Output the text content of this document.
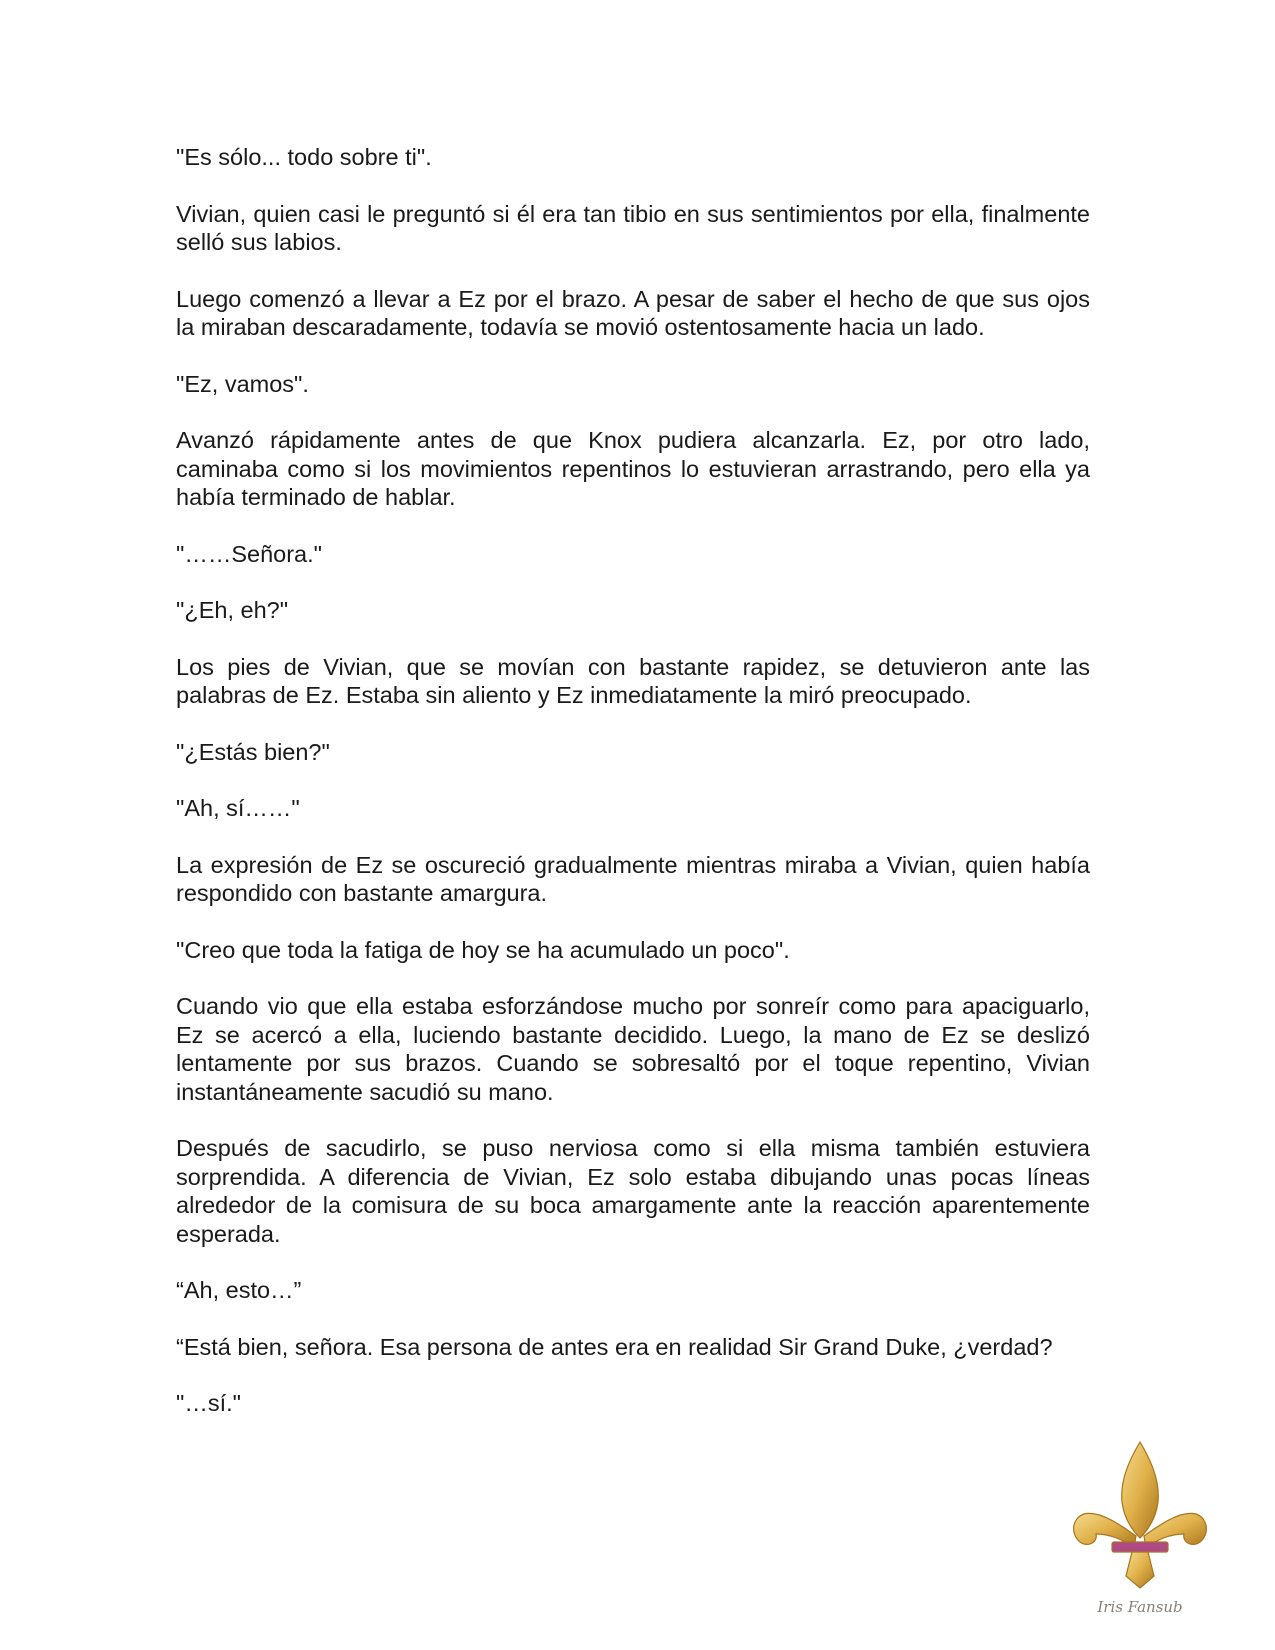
"Es sólo... todo sobre ti".

Vivian, quien casi le preguntó si él era tan tibio en sus sentimientos por ella, finalmente selló sus labios.

Luego comenzó a llevar a Ez por el brazo. A pesar de saber el hecho de que sus ojos la miraban descaradamente, todavía se movió ostentosamente hacia un lado.

"Ez, vamos".

Avanzó rápidamente antes de que Knox pudiera alcanzarla. Ez, por otro lado, caminaba como si los movimientos repentinos lo estuvieran arrastrando, pero ella ya había terminado de hablar.

"……Señora."

"¿Eh, eh?"

Los pies de Vivian, que se movían con bastante rapidez, se detuvieron ante las palabras de Ez. Estaba sin aliento y Ez inmediatamente la miró preocupado.

"¿Estás bien?"

"Ah, sí……"

La expresión de Ez se oscureció gradualmente mientras miraba a Vivian, quien había respondido con bastante amargura.

"Creo que toda la fatiga de hoy se ha acumulado un poco".

Cuando vio que ella estaba esforzándose mucho por sonreír como para apaciguarlo, Ez se acercó a ella, luciendo bastante decidido. Luego, la mano de Ez se deslizó lentamente por sus brazos. Cuando se sobresaltó por el toque repentino, Vivian instantáneamente sacudió su mano.

Después de sacudirlo, se puso nerviosa como si ella misma también estuviera sorprendida. A diferencia de Vivian, Ez solo estaba dibujando unas pocas líneas alrededor de la comisura de su boca amargamente ante la reacción aparentemente esperada.

“Ah, esto…”

“Está bien, señora. Esa persona de antes era en realidad Sir Grand Duke, ¿verdad?

"…sí."

Iris Fansub
